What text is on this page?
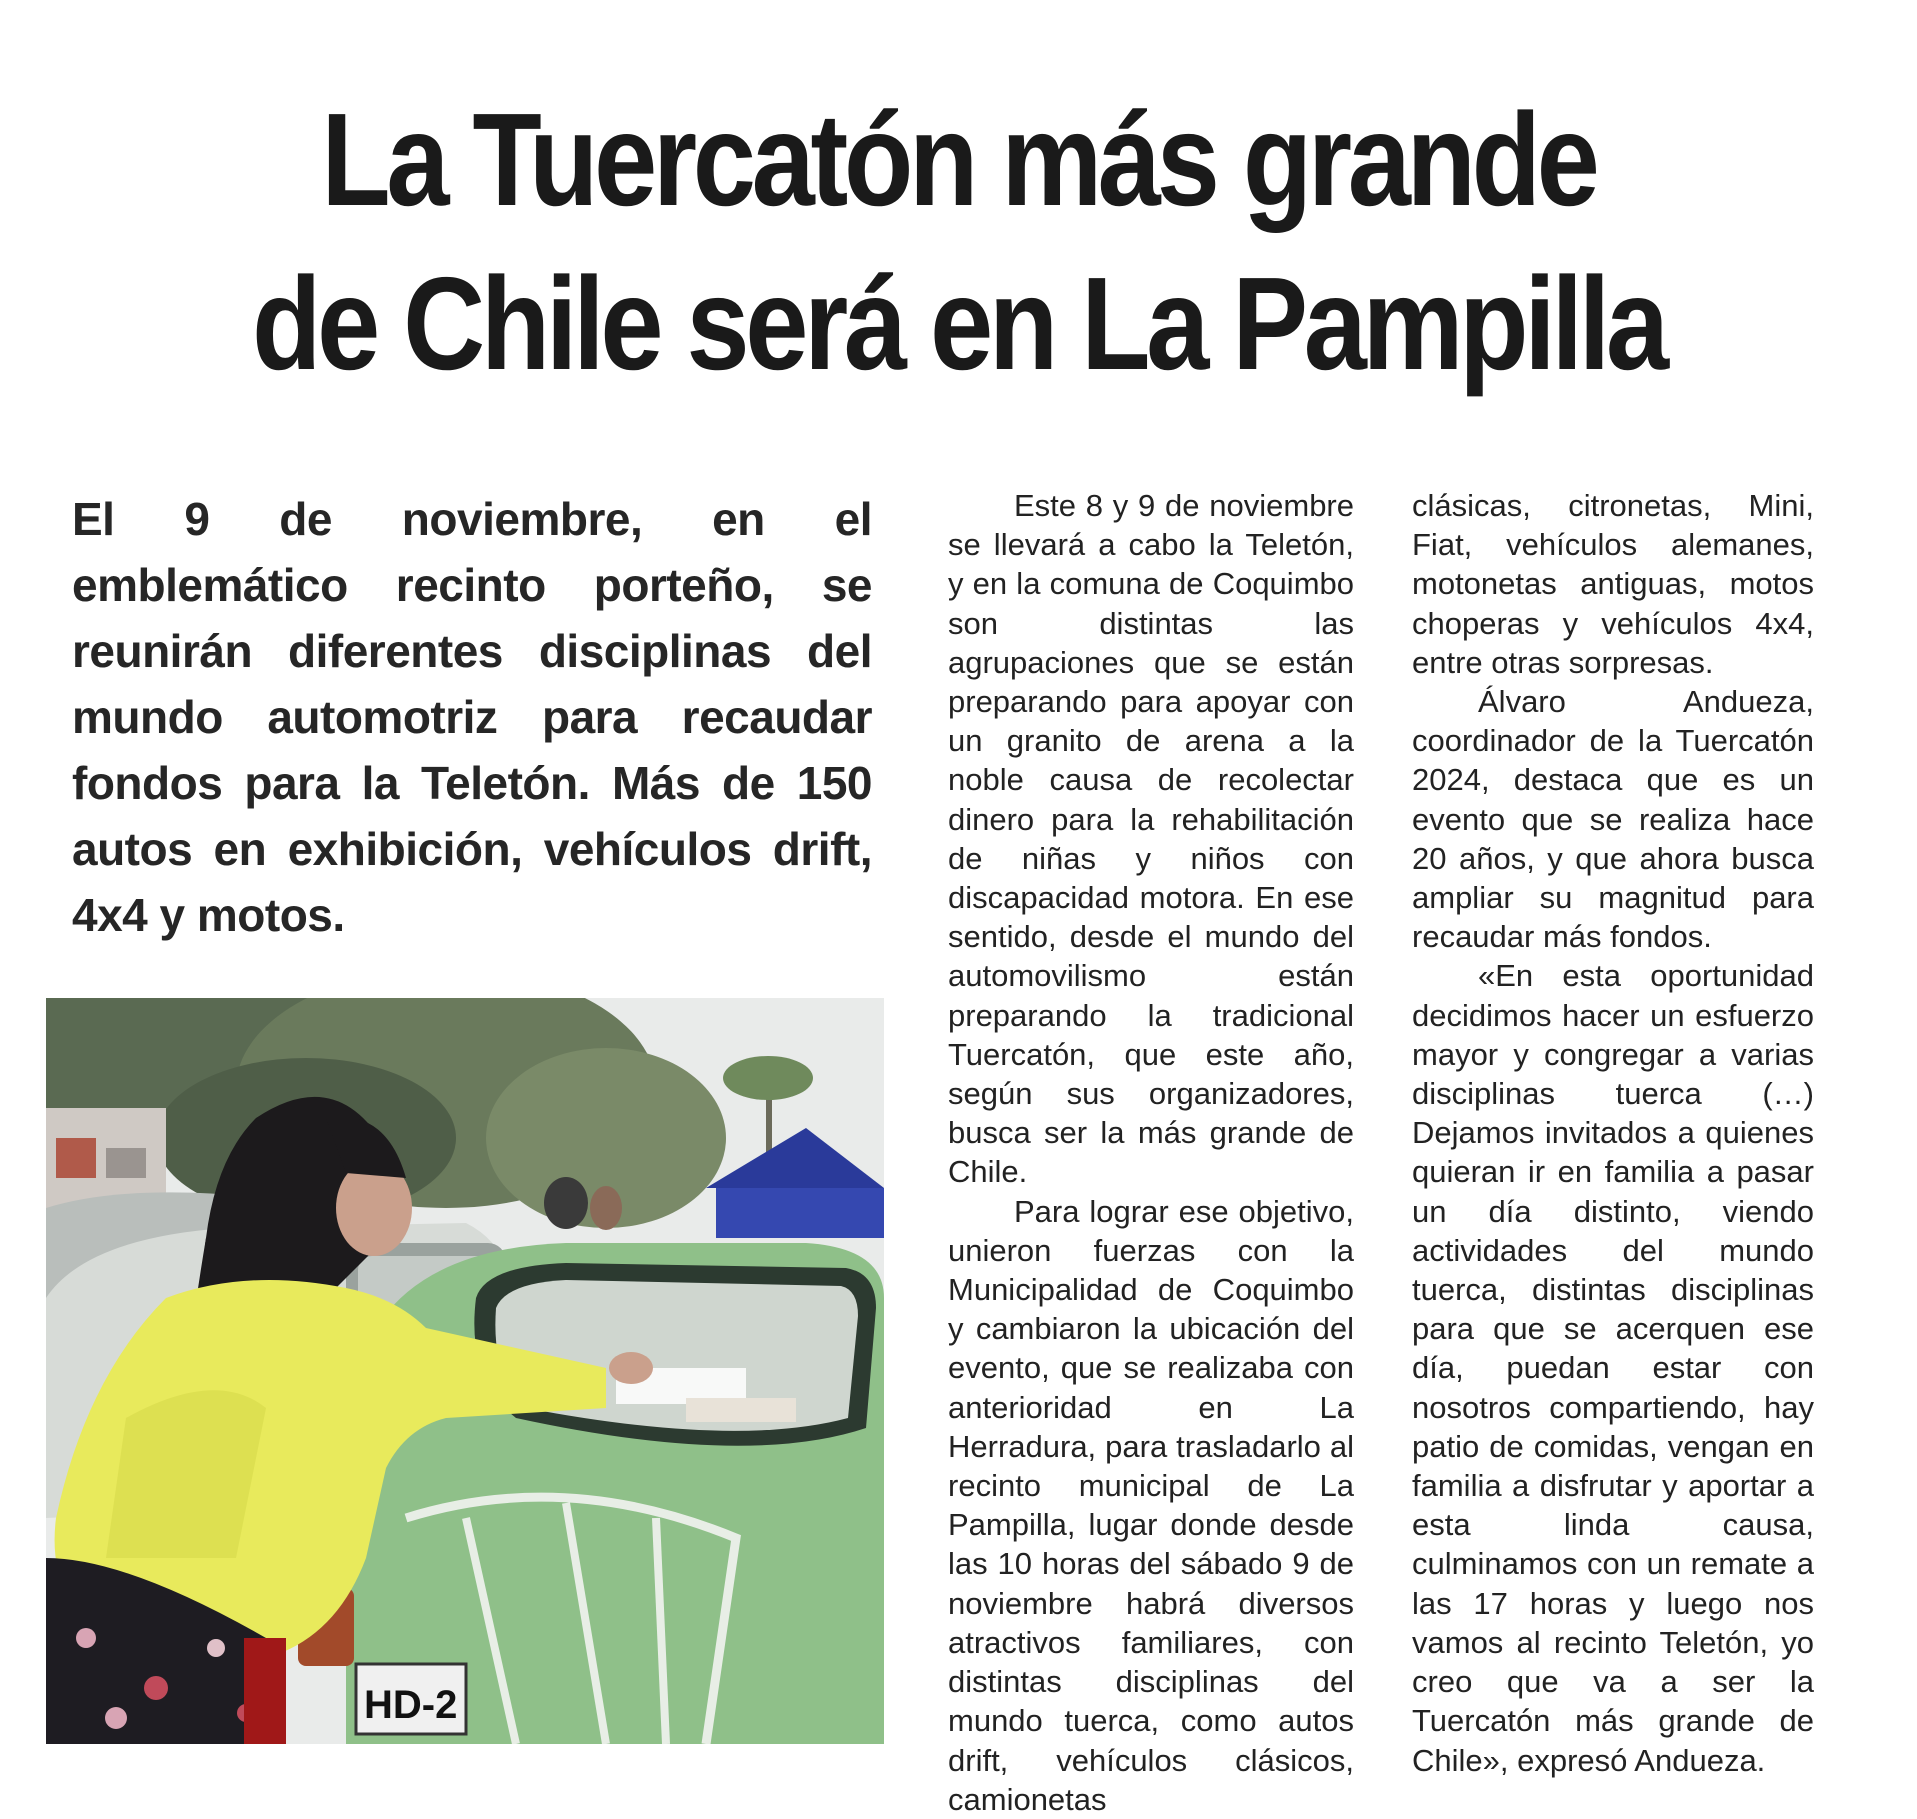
La Tuercatón más grande
de Chile será en La Pampilla

El 9 de noviembre, en el emblemático recinto porteño, se reunirán diferentes disciplinas del mundo automotriz para recaudar fondos para la Teletón. Más de 150 autos en exhibición, vehículos drift, 4x4 y motos.

HD-2

Este 8 y 9 de noviembre se llevará a cabo la Teletón, y en la comuna de Coquimbo son distintas las agrupaciones que se están preparando para apoyar con un granito de arena a la noble causa de recolectar dinero para la rehabilitación de niñas y niños con discapacidad motora. En ese sentido, desde el mundo del automovilismo están preparando la tradicional Tuercatón, que este año, según sus organizadores, busca ser la más grande de Chile.

Para lograr ese objetivo, unieron fuerzas con la Municipalidad de Coquimbo y cambiaron la ubicación del evento, que se realizaba con anterioridad en La Herradura, para trasladarlo al recinto municipal de La Pampilla, lugar donde desde las 10 horas del sábado 9 de noviembre habrá diversos atractivos familiares, con distintas disciplinas del mundo tuerca, como autos drift, vehículos clásicos, camionetas

clásicas, citronetas, Mini, Fiat, vehículos alemanes, motonetas antiguas, motos choperas y vehículos 4x4, entre otras sorpresas.

Álvaro Andueza, coordinador de la Tuercatón 2024, destaca que es un evento que se realiza hace 20 años, y que ahora busca ampliar su magnitud para recaudar más fondos.

«En esta oportunidad decidimos hacer un esfuerzo mayor y congregar a varias disciplinas tuerca (…) Dejamos invitados a quienes quieran ir en familia a pasar un día distinto, viendo actividades del mundo tuerca, distintas disciplinas para que se acerquen ese día, puedan estar con nosotros compartiendo, hay patio de comidas, vengan en familia a disfrutar y aportar a esta linda causa, culminamos con un remate a las 17 horas y luego nos vamos al recinto Teletón, yo creo que va a ser la Tuercatón más grande de Chile», expresó Andueza.
